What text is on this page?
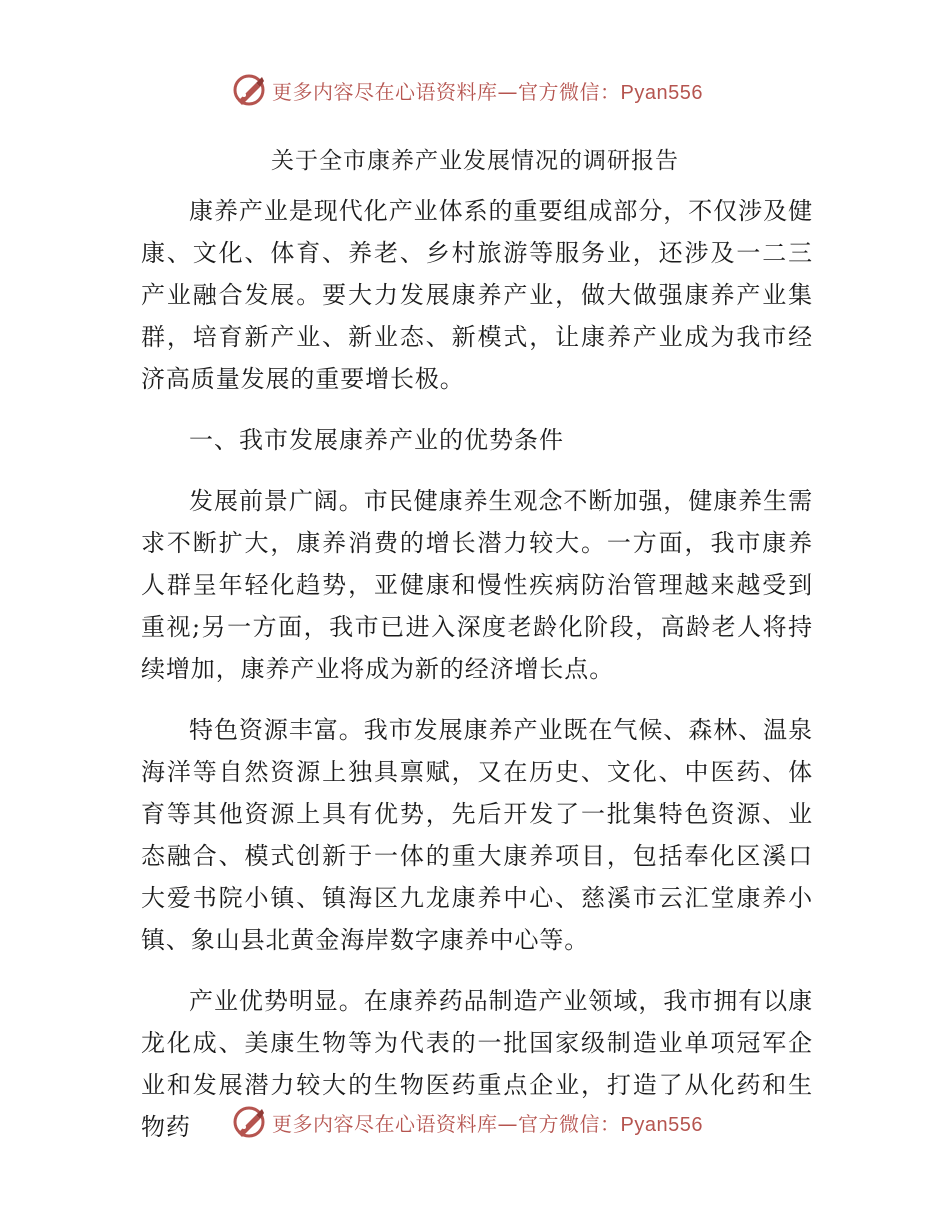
更多内容尽在心语资料库—官方微信：Pyan556
关于全市康养产业发展情况的调研报告

康养产业是现代化产业体系的重要组成部分，不仅涉及健康、文化、体育、养老、乡村旅游等服务业，还涉及一二三产业融合发展。要大力发展康养产业，做大做强康养产业集群，培育新产业、新业态、新模式，让康养产业成为我市经济高质量发展的重要增长极。

一、我市发展康养产业的优势条件

发展前景广阔。市民健康养生观念不断加强，健康养生需求不断扩大，康养消费的增长潜力较大。一方面，我市康养人群呈年轻化趋势，亚健康和慢性疾病防治管理越来越受到重视;另一方面，我市已进入深度老龄化阶段，高龄老人将持续增加，康养产业将成为新的经济增长点。

特色资源丰富。我市发展康养产业既在气候、森林、温泉海洋等自然资源上独具禀赋，又在历史、文化、中医药、体育等其他资源上具有优势，先后开发了一批集特色资源、业态融合、模式创新于一体的重大康养项目，包括奉化区溪口大爱书院小镇、镇海区九龙康养中心、慈溪市云汇堂康养小镇、象山县北黄金海岸数字康养中心等。

产业优势明显。在康养药品制造产业领域，我市拥有以康龙化成、美康生物等为代表的一批国家级制造业单项冠军企业和发展潜力较大的生物医药重点企业，打造了从化药和生物药	更多内容尽在心语资料库—官方微信：Pyan556
